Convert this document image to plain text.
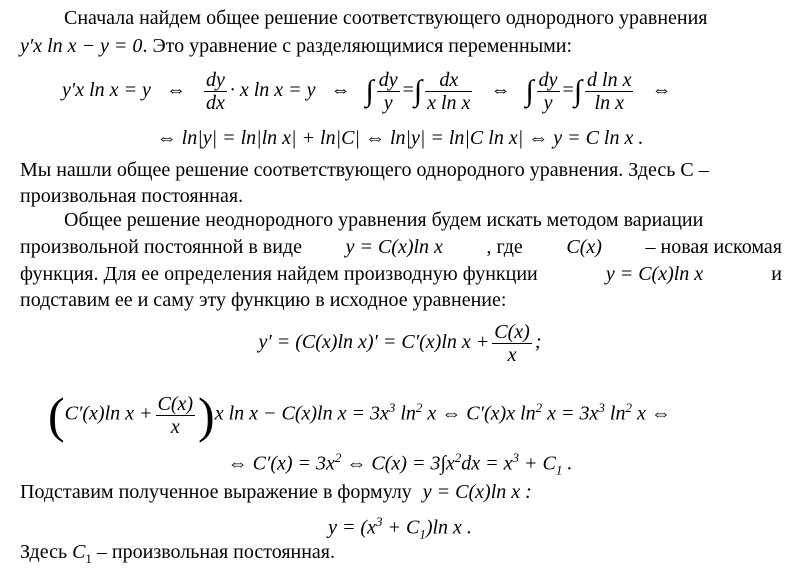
Сначала найдем общее решение соответствующего однородного уравнения
y′x ln x − y = 0. Это уравнение с разделяющимися переменными:
y′x ln x = y ⇔ $\frac{dy}{dx} \cdot x$ ln x = y ⇔ ∫ $\frac{dy}{y}$ =∫ $\frac{dx}{\text{x ln x}}$ ⇔ ∫ $\frac{dy}{y}$ =∫ $\frac{\text{d ln x}}{\text{ln x}}$ ⇔
⇔ ln|y| = ln|ln x| + ln|C| ⇔ ln|y| = ln|C ln x| ⇔ y = C ln x .
Мы нашли общее решение соответствующего однородного уравнения. Здесь C –
произвольная постоянная.
Общее решение неоднородного уравнения будем искать методом вариации
произвольной постоянной в виде y = C(x)ln x , где C(x) – новая искомая
функция. Для ее определения найдем производную функции	y = C(x)ln x	и
подставим ее и саму эту функцию в исходное уравнение:
y′ = (C(x)ln x)′ = C′(x)ln $x + \frac{C(x)}{x}$ ;
(C′(x)ln $x + \frac{C(x)}{x} )x$ ln x − C(x)ln $x = 3x^3$ $\ln^2 x$ ⇔ C′(x)x $\ln^2 x = 3x^3$ $\ln^2 x$ ⇔
⇔ $C'(x) = 3x^2$ ⇔ $C(x) = 3\int x^2dx = x^3 + C_1$ .
Подставим полученное выражение в формулу y = C(x)ln x :
$y = (x^3 + C_1)\ln$ x .
Здесь $C_1$ – произвольная постоянная.
